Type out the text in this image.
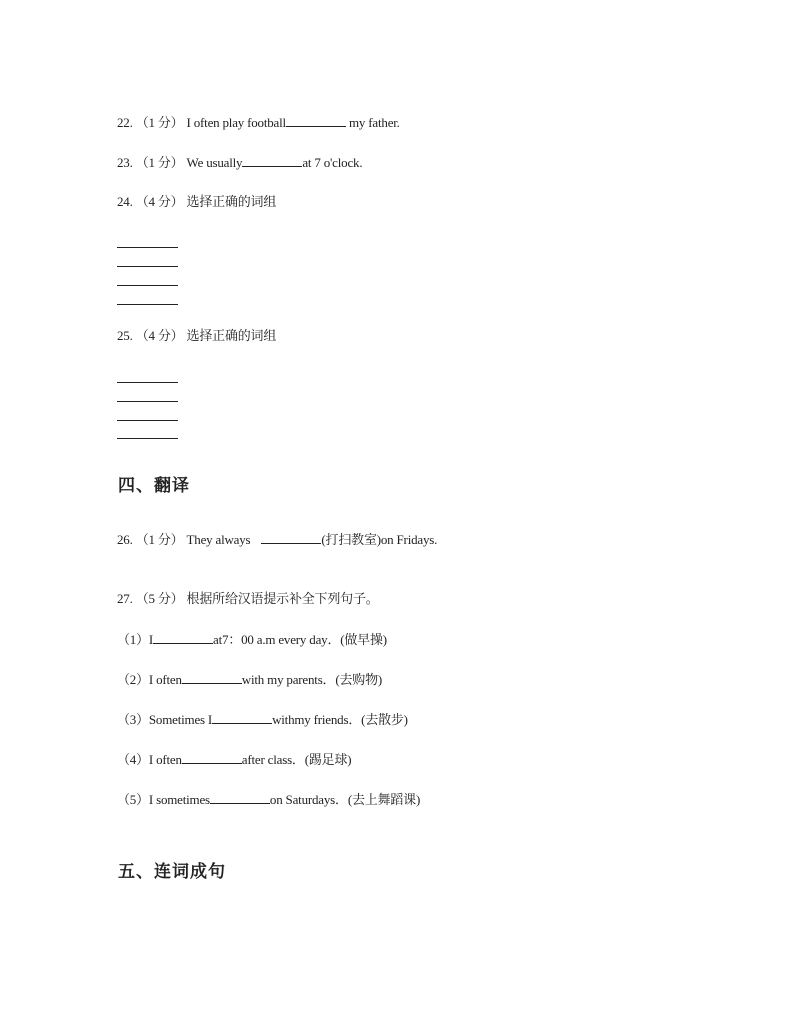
22. （1 分） I often play football	my father.
23. （1 分） We usually	at 7 o'clock.
24. （4 分） 选择正确的词组
25. （4 分） 选择正确的词组
四、翻译
26. （1 分） They always	(打扫教室)on Fridays.
27. （5 分） 根据所给汉语提示补全下列句子。
（1）I	at7：00 a.m every day．(做早操)
（2）I often	with my parents．(去购物)
（3）Sometimes I	withmy friends．(去散步)
（4）I often	after class．(踢足球)
（5）I sometimes	on Saturdays．(去上舞蹈课)
五、连词成句
